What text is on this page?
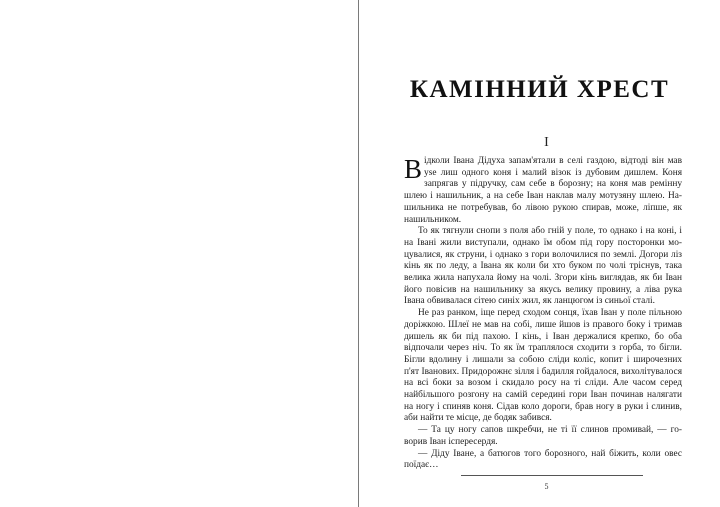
КАМІННИЙ ХРЕСТ
I

Відколи Івана Дідуха запам'ятали в селі газдою, відтоді він мав уse лиш одного коня і малий візок із дубовим дишлем. Коня запрягав у підручку, сам себе в борозну; на коня мав ремінну шлею і нашильник, а на себе Іван наклав малу мотузяну шлею. Нашильника не потребував, бо лівою рукою спирав, може, ліпше, як нашильником.

То як тягнули снопи з поля або гній у поле, то однако і на коні, і на Івані жили виступали, однако їм обом під гору посторонки моцувалися, як струни, і однако з гори волочилися по землі. Догори ліз кінь як по леду, а Івана як коли би хто буком по чолі тріснув, така велика жила напухала йому на чолі. Згори кінь виглядав, як би Іван його повісив на нашильнику за якусь велику провину, а ліва рука Івана обвивалася сітею синіх жил, як ланцюгом із синьої сталі.

Не раз ранком, іще перед сходом сонця, їхав Іван у поле пільною доріжкою. Шлеї не мав на собі, лише йшов із правого боку і тримав дишель як би під пахою. І кінь, і Іван держалися крепко, бо оба відпочали через ніч. То як їм траплялося сходити з горба, то бігли. Бігли вдолину і лишали за собою сліди коліс, копит і широчезних п'ят Іванових. Придорожнє зілля і бадилля гойдалося, вихолітувалося на всі боки за возом і скидало росу на ті сліди. Але часом серед найбільшого розгону на самій середині гори Іван починав налягати на ногу і спиняв коня. Сідав коло дороги, брав ногу в руки і слинив, аби найти те місце, де бодяк забився.

— Та цу ногу сапов шкребчи, не ті її слинов промивай, — говорив Іван іспересердя.

— Діду Іване, а батюгов того борозного, най біжить, коли овес поїдає…

5
